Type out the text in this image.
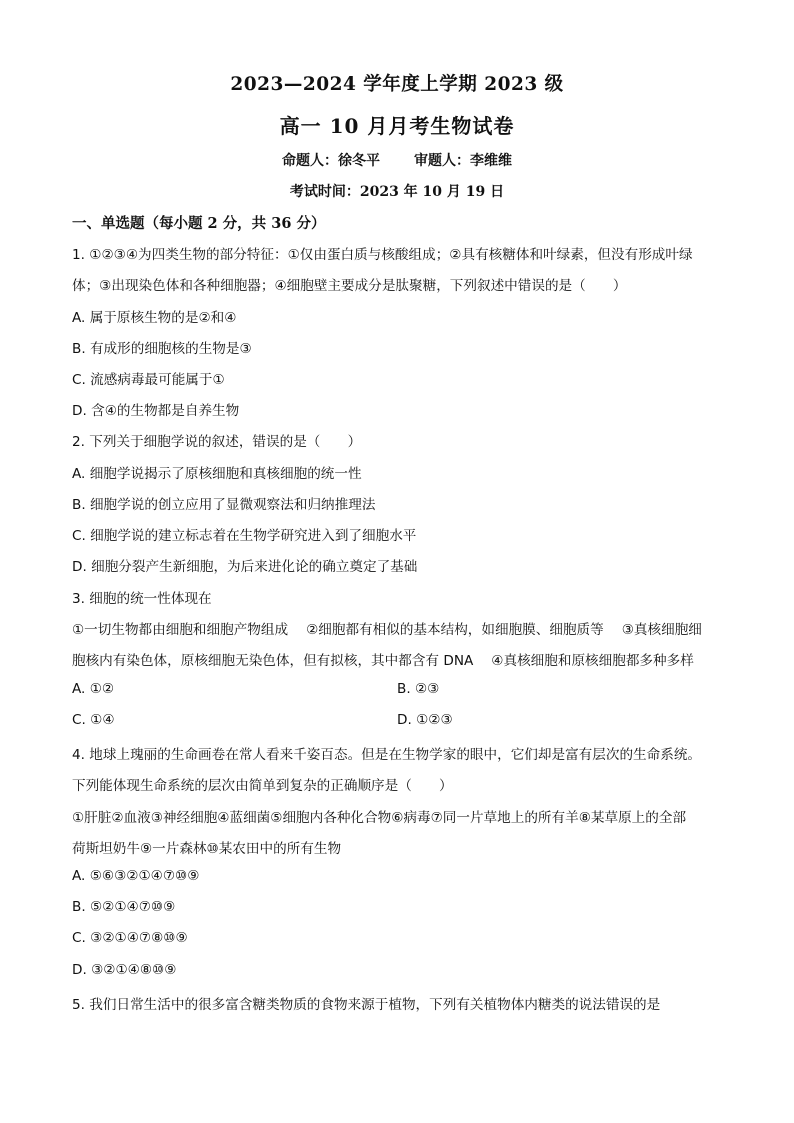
2023—2024 学年度上学期 2023 级
高一 10 月月考生物试卷
命题人：徐冬平 审题人：李维维
考试时间：2023 年 10 月 19 日
一、单选题（每小题 2 分，共 36 分）
1. ①②③④为四类生物的部分特征：①仅由蛋白质与核酸组成；②具有核糖体和叶绿素，但没有形成叶绿
体；③出现染色体和各种细胞器；④细胞壁主要成分是肽聚糖，下列叙述中错误的是（　　）
A. 属于原核生物的是②和④
B. 有成形的细胞核的生物是③
C. 流感病毒最可能属于①
D. 含④的生物都是自养生物
2. 下列关于细胞学说的叙述，错误的是（　　）
A. 细胞学说揭示了原核细胞和真核细胞的统一性
B. 细胞学说的创立应用了显微观察法和归纳推理法
C. 细胞学说的建立标志着在生物学研究进入到了细胞水平
D. 细胞分裂产生新细胞，为后来进化论的确立奠定了基础
3. 细胞的统一性体现在
①一切生物都由细胞和细胞产物组成 ②细胞都有相似的基本结构，如细胞膜、细胞质等 ③真核细胞细
胞核内有染色体，原核细胞无染色体，但有拟核，其中都含有 DNA ④真核细胞和原核细胞都多种多样
A. ①②	B. ②③
C. ①④	D. ①②③
4. 地球上瑰丽的生命画卷在常人看来千姿百态。但是在生物学家的眼中，它们却是富有层次的生命系统。
下列能体现生命系统的层次由简单到复杂的正确顺序是（　　）
①肝脏②血液③神经细胞④蓝细菌⑤细胞内各种化合物⑥病毒⑦同一片草地上的所有羊⑧某草原上的全部
荷斯坦奶牛⑨一片森林⑩某农田中的所有生物
A. ⑤⑥③②①④⑦⑩⑨
B. ⑤②①④⑦⑩⑨
C. ③②①④⑦⑧⑩⑨
D. ③②①④⑧⑩⑨
5. 我们日常生活中的很多富含糖类物质的食物来源于植物，下列有关植物体内糖类的说法错误的是
